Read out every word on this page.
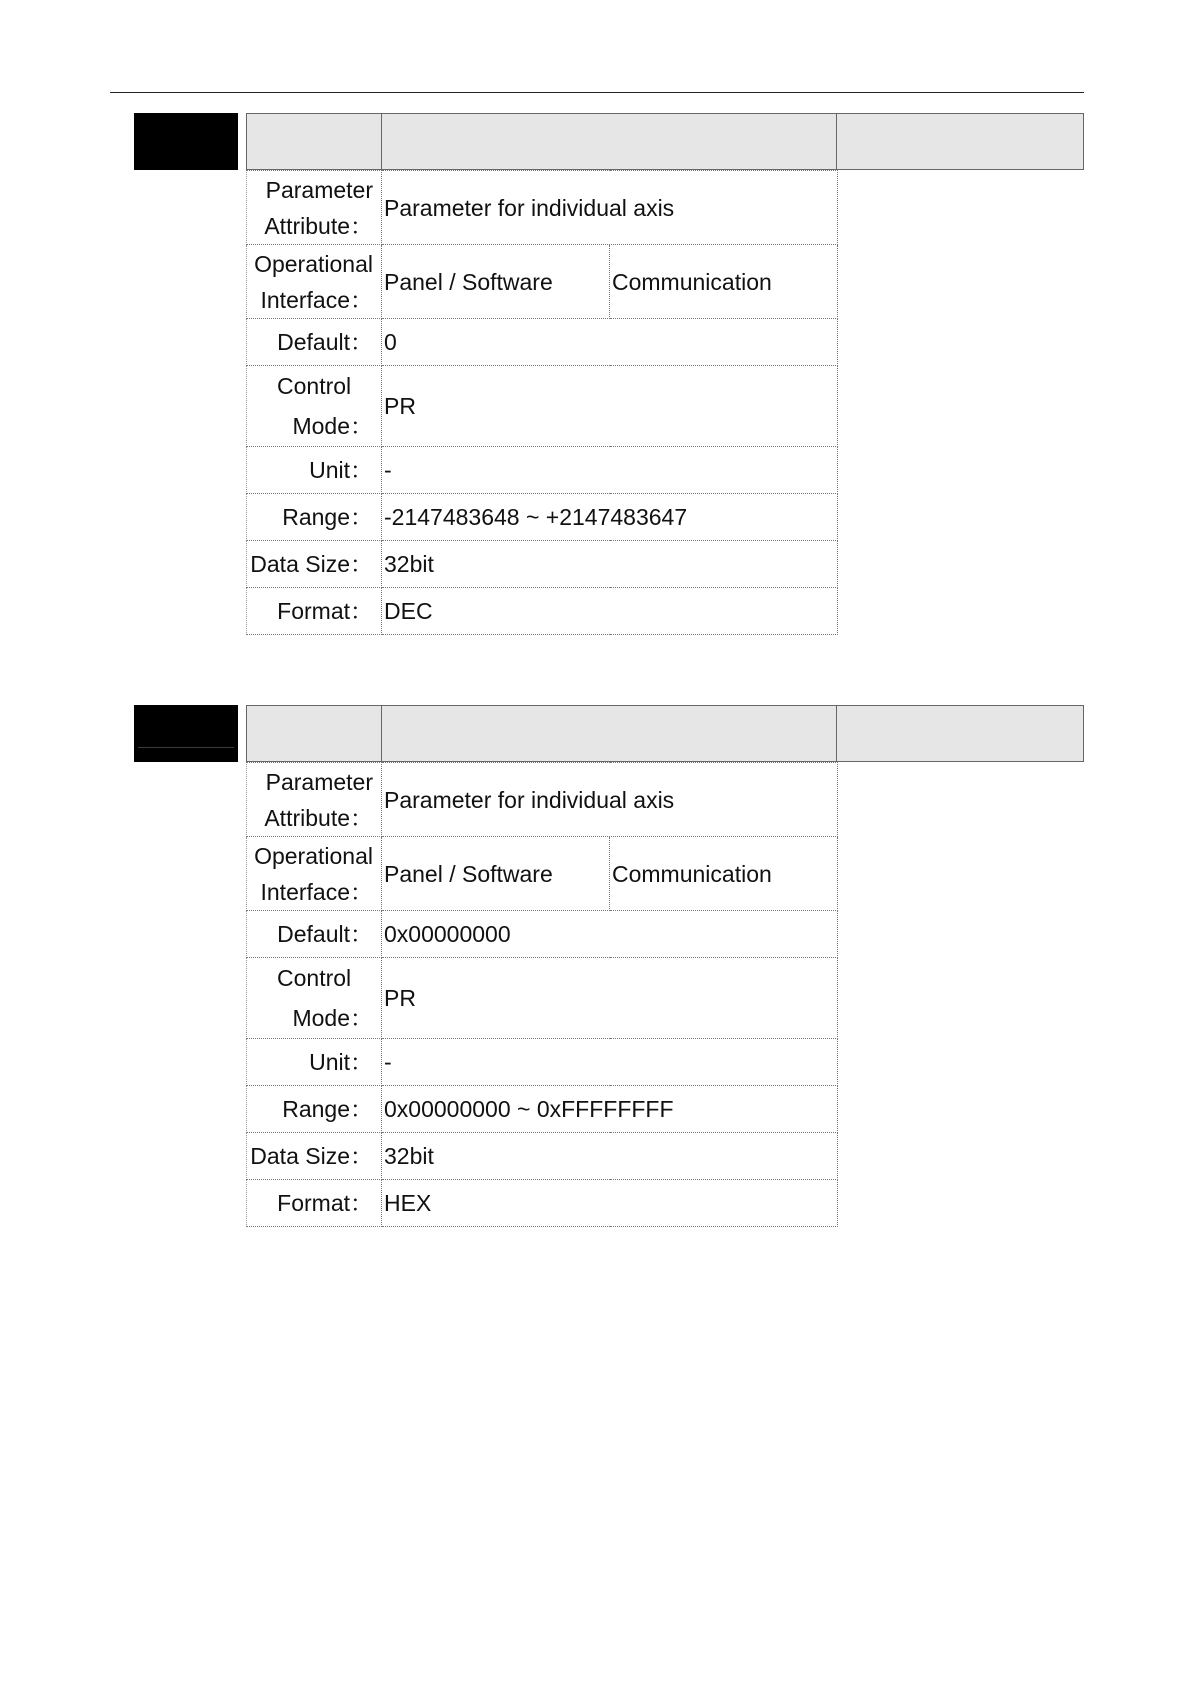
Parameter
Attribute：	Parameter for individual axis	

Operational
Interface：	Panel / Software	Communication
Default：	0	

Control
Mode：	PR	
Unit：	-	
Range：	-2147483648 ~ +2147483647	
Data Size：	32bit	
Format：	DEC	
Parameter
Attribute：	Parameter for individual axis	

Operational
Interface：	Panel / Software	Communication
Default：	0x00000000	

Control
Mode：	PR	
Unit：	-	
Range：	0x00000000 ~ 0xFFFFFFFF	
Data Size：	32bit	
Format：	HEX	
